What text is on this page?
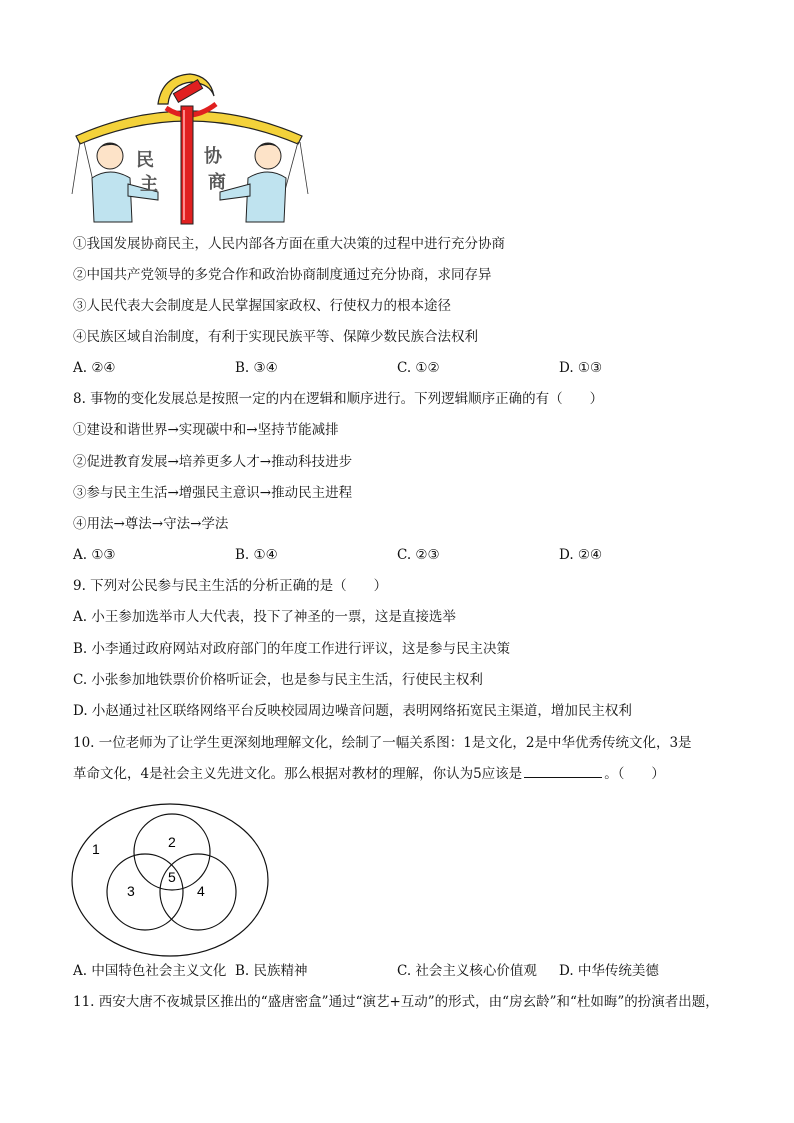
民
主
协
商
①我国发展协商民主，人民内部各方面在重大决策的过程中进行充分协商
②中国共产党领导的多党合作和政治协商制度通过充分协商，求同存异
③人民代表大会制度是人民掌握国家政权、行使权力的根本途径
④民族区域自治制度，有利于实现民族平等、保障少数民族合法权利
A. ②④	B. ③④	C. ①②	D. ①③
8. 事物的变化发展总是按照一定的内在逻辑和顺序进行。下列逻辑顺序正确的有（　　）
①建设和谐世界→实现碳中和→坚持节能减排
②促进教育发展→培养更多人才→推动科技进步
③参与民主生活→增强民主意识→推动民主进程
④用法→尊法→守法→学法
A. ①③	B. ①④	C. ②③	D. ②④
9. 下列对公民参与民主生活的分析正确的是（　　）
A. 小王参加选举市人大代表，投下了神圣的一票，这是直接选举
B. 小李通过政府网站对政府部门的年度工作进行评议，这是参与民主决策
C. 小张参加地铁票价价格听证会，也是参与民主生活，行使民主权利
D. 小赵通过社区联络网络平台反映校园周边噪音问题，表明网络拓宽民主渠道，增加民主权利
10. 一位老师为了让学生更深刻地理解文化，绘制了一幅关系图：1是文化，2是中华优秀传统文化，3是
革命文化，4是社会主义先进文化。那么根据对教材的理解，你认为5应该是	。（　　）
1	2
3	4
5
A. 中国特色社会主义文化 B. 民族精神	C. 社会主义核心价值观 D. 中华传统美德
11. 西安大唐不夜城景区推出的“盛唐密盒”通过“演艺+互动”的形式，由“房玄龄”和“杜如晦”的扮演者出题，
